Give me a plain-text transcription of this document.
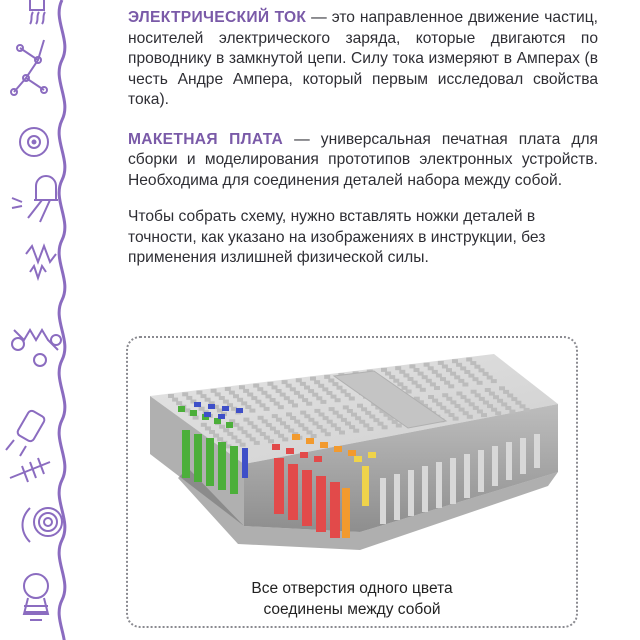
ЭЛЕКТРИЧЕСКИЙ ТОК — это направленное движение частиц, носителей электрического заряда, которые двигаются по проводнику в замкнутой цепи. Силу тока измеряют в Амперах (в честь Андре Ампера, который первым исследовал свойства тока).

МАКЕТНАЯ ПЛАТА — универсальная печатная плата для сборки и моделирования прототипов электронных устройств. Необходима для соединения деталей набора между собой.

Чтобы собрать схему, нужно вставлять ножки деталей в точности, как указано на изображениях в инструкции, без применения излишней физической силы.

Все отверстия одного цвета
соединены между собой
